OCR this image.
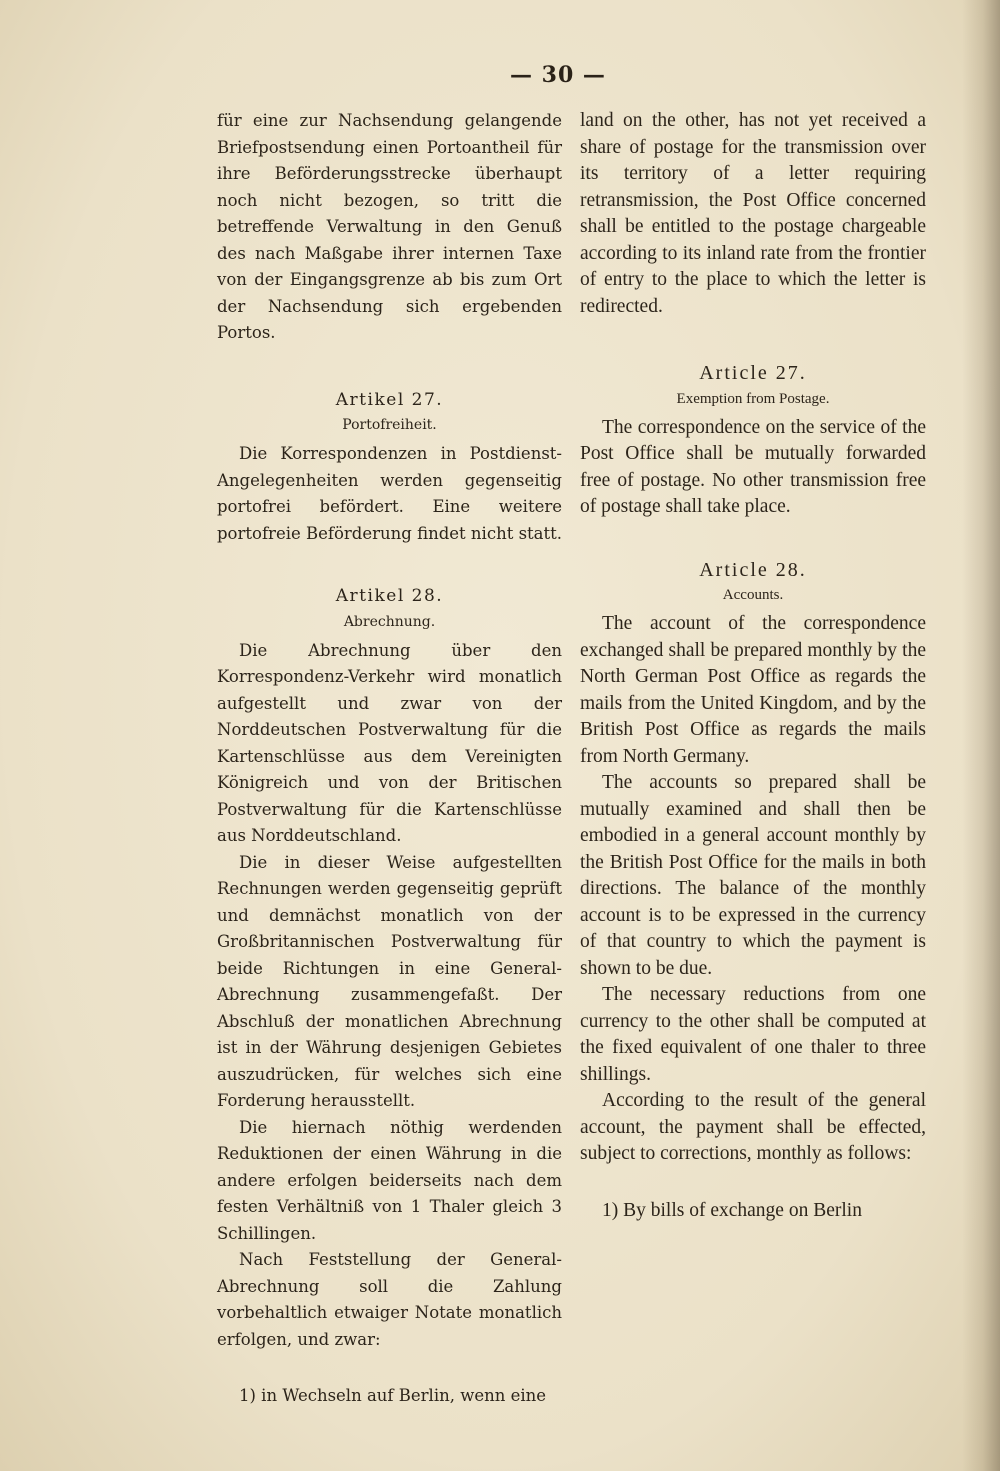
— 30 —

für eine zur Nachsendung gelangende Briefpostsendung einen Portoantheil für ihre Beförderungsstrecke überhaupt noch nicht bezogen, so tritt die betreffende Verwaltung in den Genuß des nach Maßgabe ihrer internen Taxe von der Eingangsgrenze ab bis zum Ort der Nachsendung sich ergebenden Portos.

Artikel 27.

Portofreiheit.

Die Korrespondenzen in Postdienst-Angelegenheiten werden gegenseitig portofrei befördert. Eine weitere portofreie Beförderung findet nicht statt.

Artikel 28.

Abrechnung.

Die Abrechnung über den Korrespondenz-Verkehr wird monatlich aufgestellt und zwar von der Norddeutschen Postverwaltung für die Kartenschlüsse aus dem Vereinigten Königreich und von der Britischen Postverwaltung für die Kartenschlüsse aus Norddeutschland.

Die in dieser Weise aufgestellten Rechnungen werden gegenseitig geprüft und demnächst monatlich von der Großbritannischen Postverwaltung für beide Richtungen in eine General-Abrechnung zusammengefaßt. Der Abschluß der monatlichen Abrechnung ist in der Währung desjenigen Gebietes auszudrücken, für welches sich eine Forderung herausstellt.

Die hiernach nöthig werdenden Reduktionen der einen Währung in die andere erfolgen beiderseits nach dem festen Verhältniß von 1 Thaler gleich 3 Schillingen.

Nach Feststellung der General-Abrechnung soll die Zahlung vorbehaltlich etwaiger Notate monatlich erfolgen, und zwar:

1) in Wechseln auf Berlin, wenn eine

land on the other, has not yet received a share of postage for the transmission over its territory of a letter requiring retransmission, the Post Office concerned shall be entitled to the postage chargeable according to its inland rate from the frontier of entry to the place to which the letter is redirected.

Article 27.

Exemption from Postage.

The correspondence on the service of the Post Office shall be mutually forwarded free of postage. No other transmission free of postage shall take place.

Article 28.

Accounts.

The account of the correspondence exchanged shall be prepared monthly by the North German Post Office as regards the mails from the United Kingdom, and by the British Post Office as regards the mails from North Germany.

The accounts so prepared shall be mutually examined and shall then be embodied in a general account monthly by the British Post Office for the mails in both directions. The balance of the monthly account is to be expressed in the currency of that country to which the payment is shown to be due.

The necessary reductions from one currency to the other shall be computed at the fixed equivalent of one thaler to three shillings.

According to the result of the general account, the payment shall be effected, subject to corrections, monthly as follows:

1) By bills of exchange on Berlin
